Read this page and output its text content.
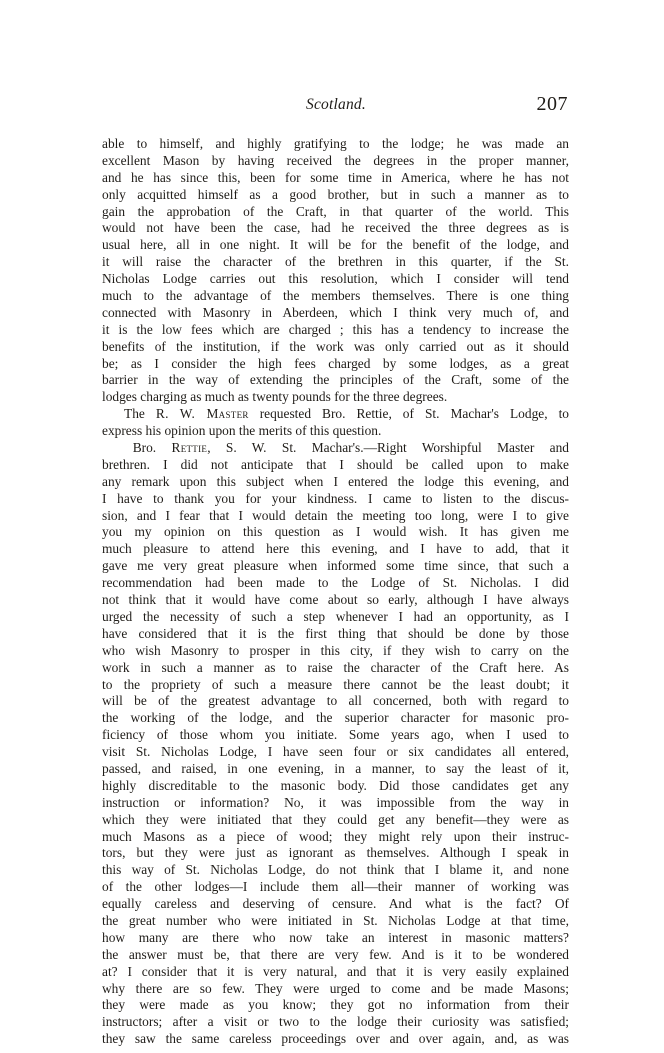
Scotland.	207
able to himself, and highly gratifying to the lodge; he was made an
excellent Mason by having received the degrees in the proper manner,
and he has since this, been for some time in America, where he has not
only acquitted himself as a good brother, but in such a manner as to
gain the approbation of the Craft, in that quarter of the world. This
would not have been the case, had he received the three degrees as is
usual here, all in one night. It will be for the benefit of the lodge, and
it will raise the character of the brethren in this quarter, if the St.
Nicholas Lodge carries out this resolution, which I consider will tend
much to the advantage of the members themselves. There is one thing
connected with Masonry in Aberdeen, which I think very much of, and
it is the low fees which are charged ; this has a tendency to increase the
benefits of the institution, if the work was only carried out as it should
be; as I consider the high fees charged by some lodges, as a great
barrier in the way of extending the principles of the Craft, some of the
lodges charging as much as twenty pounds for the three degrees.
The R. W. Master requested Bro. Rettie, of St. Machar's Lodge, to
express his opinion upon the merits of this question.
Bro. Rettie, S. W. St. Machar's.—Right Worshipful Master and
brethren. I did not anticipate that I should be called upon to make
any remark upon this subject when I entered the lodge this evening, and
I have to thank you for your kindness. I came to listen to the discus-
sion, and I fear that I would detain the meeting too long, were I to give
you my opinion on this question as I would wish. It has given me
much pleasure to attend here this evening, and I have to add, that it
gave me very great pleasure when informed some time since, that such a
recommendation had been made to the Lodge of St. Nicholas. I did
not think that it would have come about so early, although I have always
urged the necessity of such a step whenever I had an opportunity, as I
have considered that it is the first thing that should be done by those
who wish Masonry to prosper in this city, if they wish to carry on the
work in such a manner as to raise the character of the Craft here. As
to the propriety of such a measure there cannot be the least doubt; it
will be of the greatest advantage to all concerned, both with regard to
the working of the lodge, and the superior character for masonic pro-
ficiency of those whom you initiate. Some years ago, when I used to
visit St. Nicholas Lodge, I have seen four or six candidates all entered,
passed, and raised, in one evening, in a manner, to say the least of it,
highly discreditable to the masonic body. Did those candidates get any
instruction or information? No, it was impossible from the way in
which they were initiated that they could get any benefit—they were as
much Masons as a piece of wood; they might rely upon their instruc-
tors, but they were just as ignorant as themselves. Although I speak in
this way of St. Nicholas Lodge, do not think that I blame it, and none
of the other lodges—I include them all—their manner of working was
equally careless and deserving of censure. And what is the fact? Of
the great number who were initiated in St. Nicholas Lodge at that time,
how many are there who now take an interest in masonic matters?
the answer must be, that there are very few. And is it to be wondered
at? I consider that it is very natural, and that it is very easily explained
why there are so few. They were urged to come and be made Masons;
they were made as you know; they got no information from their
instructors; after a visit or two to the lodge their curiosity was satisfied;
they saw the same careless proceedings over and over again, and, as was
